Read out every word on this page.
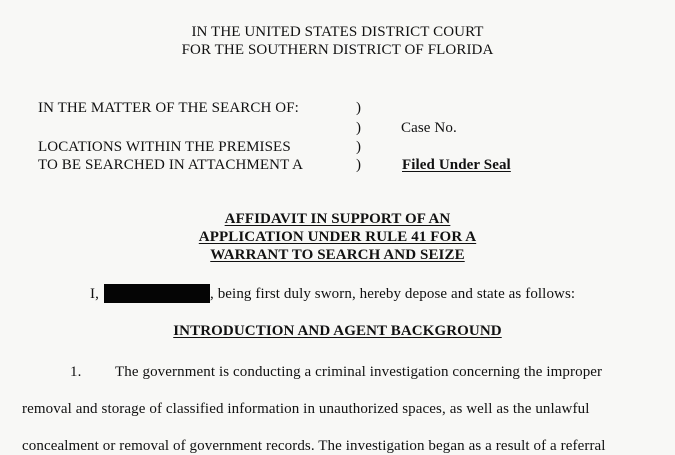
IN THE UNITED STATES DISTRICT COURT
FOR THE SOUTHERN DISTRICT OF FLORIDA
IN THE MATTER OF THE SEARCH OF:
LOCATIONS WITHIN THE PREMISES
TO BE SEARCHED IN ATTACHMENT A
)
)
)
)
Case No.
Filed Under Seal
AFFIDAVIT IN SUPPORT OF AN
APPLICATION UNDER RULE 41 FOR A
WARRANT TO SEARCH AND SEIZE
I,	, being first duly sworn, hereby depose and state as follows:
INTRODUCTION AND AGENT BACKGROUND
1. The government is conducting a criminal investigation concerning the improper
removal and storage of classified information in unauthorized spaces, as well as the unlawful
concealment or removal of government records. The investigation began as a result of a referral
